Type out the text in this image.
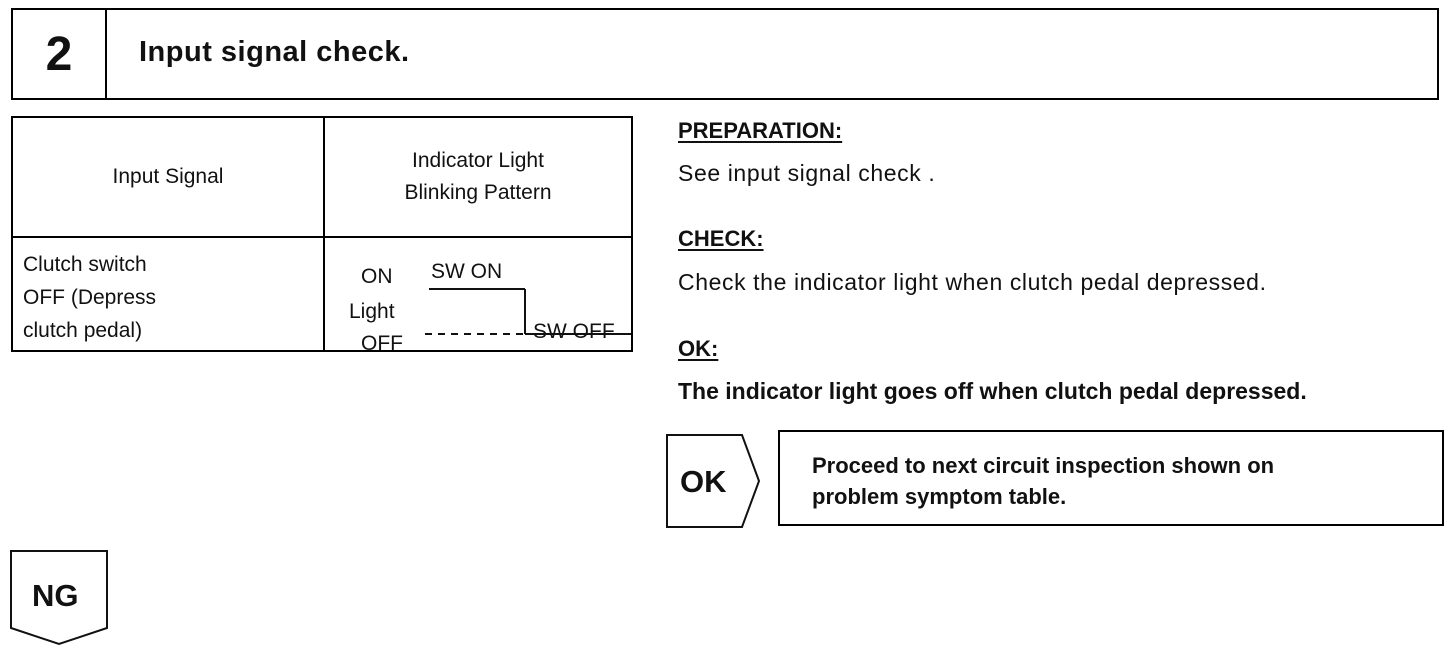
2	Input signal check.
Input Signal
Indicator Light
Blinking Pattern
Clutch switch
OFF (Depress
clutch pedal)
ON
Light
OFF
SW ON
SW OFF
PREPARATION:
See input signal check .
CHECK:
Check the indicator light when clutch pedal depressed.
OK:
The indicator light goes off when clutch pedal depressed.
OK	Proceed to next circuit inspection shown on
problem symptom table.
NG
